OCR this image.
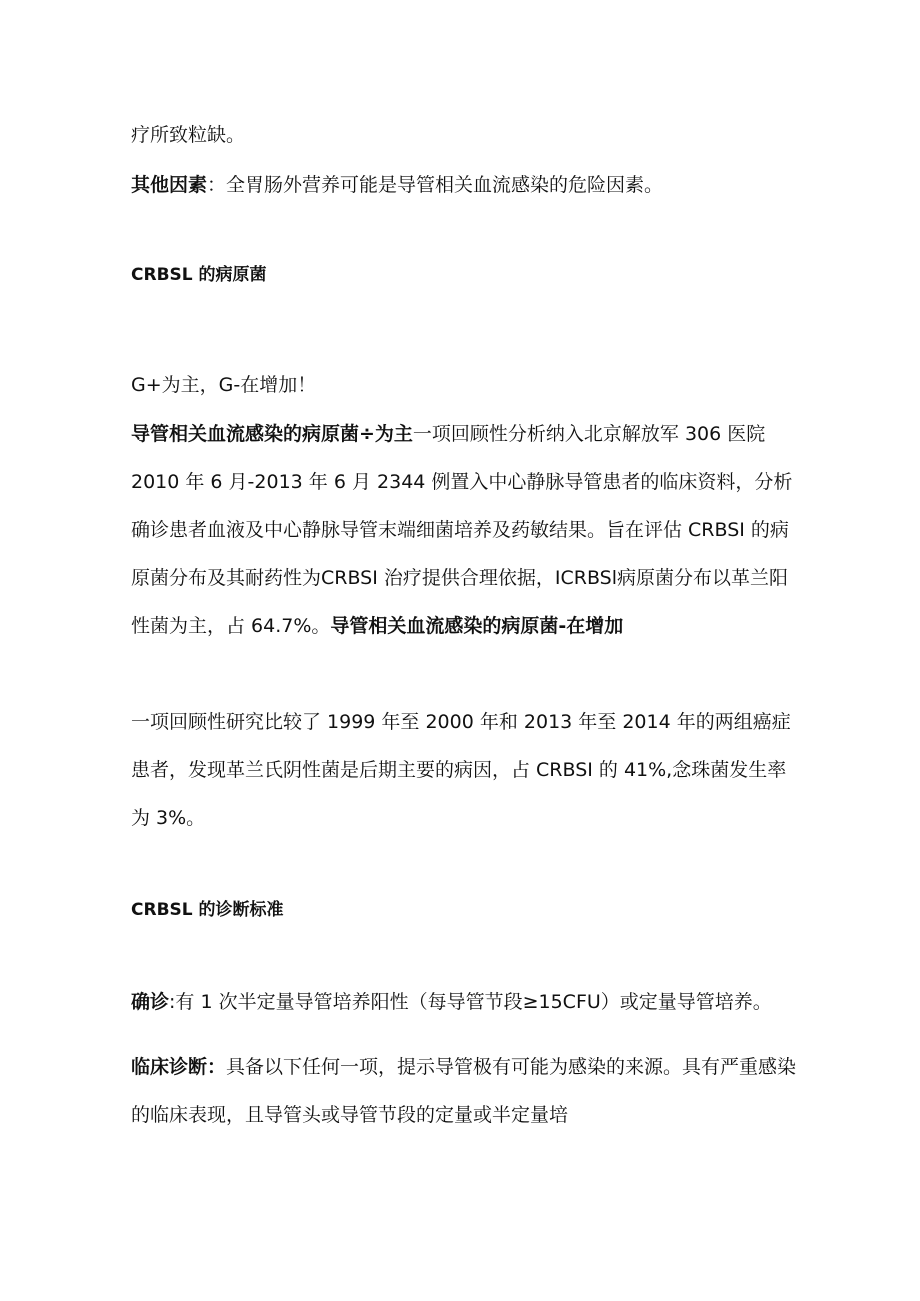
疗所致粒缺。
其他因素：全胃肠外营养可能是导管相关血流感染的危险因素。
CRBSL 的病原菌
G+为主，G-在增加！
导管相关血流感染的病原菌÷为主一项回顾性分析纳入北京解放军 306 医院 2010 年 6 月-2013 年 6 月 2344 例置入中心静脉导管患者的临床资料，分析确诊患者血液及中心静脉导管末端细菌培养及药敏结果。旨在评估 CRBSI 的病原菌分布及其耐药性为CRBSI 治疗提供合理依据，ICRBSl病原菌分布以革兰阳性菌为主，占 64.7%。导管相关血流感染的病原菌-在增加
一项回顾性研究比较了 1999 年至 2000 年和 2013 年至 2014 年的两组癌症患者，发现革兰氏阴性菌是后期主要的病因，占 CRBSI 的 41%,念珠菌发生率为 3%。
CRBSL 的诊断标准
确诊:有 1 次半定量导管培养阳性（每导管节段≥15CFU）或定量导管培养。
临床诊断：具备以下任何一项，提示导管极有可能为感染的来源。具有严重感染的临床表现，且导管头或导管节段的定量或半定量培
